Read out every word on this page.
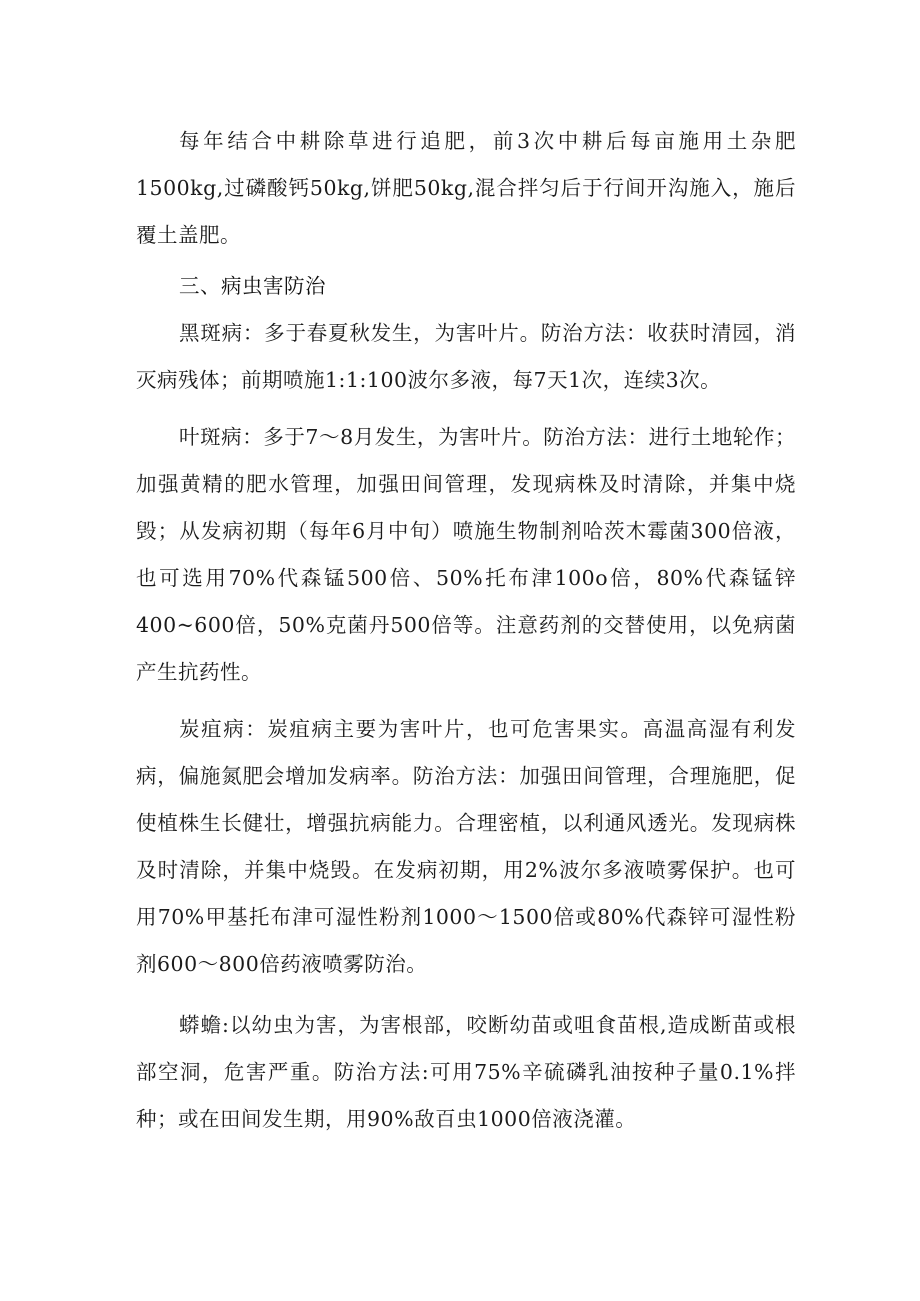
每年结合中耕除草进行追肥，前3次中耕后每亩施用土杂肥1500kg,过磷酸钙50kg,饼肥50kg,混合拌匀后于行间开沟施入，施后覆土盖肥。

三、病虫害防治

黑斑病：多于春夏秋发生，为害叶片。防治方法：收获时清园，消灭病残体；前期喷施1:1:100波尔多液，每7天1次，连续3次。

叶斑病：多于7～8月发生，为害叶片。防治方法：进行土地轮作；加强黄精的肥水管理，加强田间管理，发现病株及时清除，并集中烧毁；从发病初期（每年6月中旬）喷施生物制剂哈茨木霉菌300倍液，也可选用70%代森锰500倍、50%托布津100o倍，80%代森锰锌400~600倍，50%克菌丹500倍等。注意药剂的交替使用，以免病菌产生抗药性。

炭疽病：炭疽病主要为害叶片，也可危害果实。高温高湿有利发病，偏施氮肥会增加发病率。防治方法：加强田间管理，合理施肥，促使植株生长健壮，增强抗病能力。合理密植，以利通风透光。发现病株及时清除，并集中烧毁。在发病初期，用2%波尔多液喷雾保护。也可用70%甲基托布津可湿性粉剂1000～1500倍或80%代森锌可湿性粉剂600～800倍药液喷雾防治。

蟒蟾:以幼虫为害，为害根部，咬断幼苗或咀食苗根,造成断苗或根部空洞，危害严重。防治方法:可用75%辛硫磷乳油按种子量0.1%拌种；或在田间发生期，用90%敌百虫1000倍液浇灌。
